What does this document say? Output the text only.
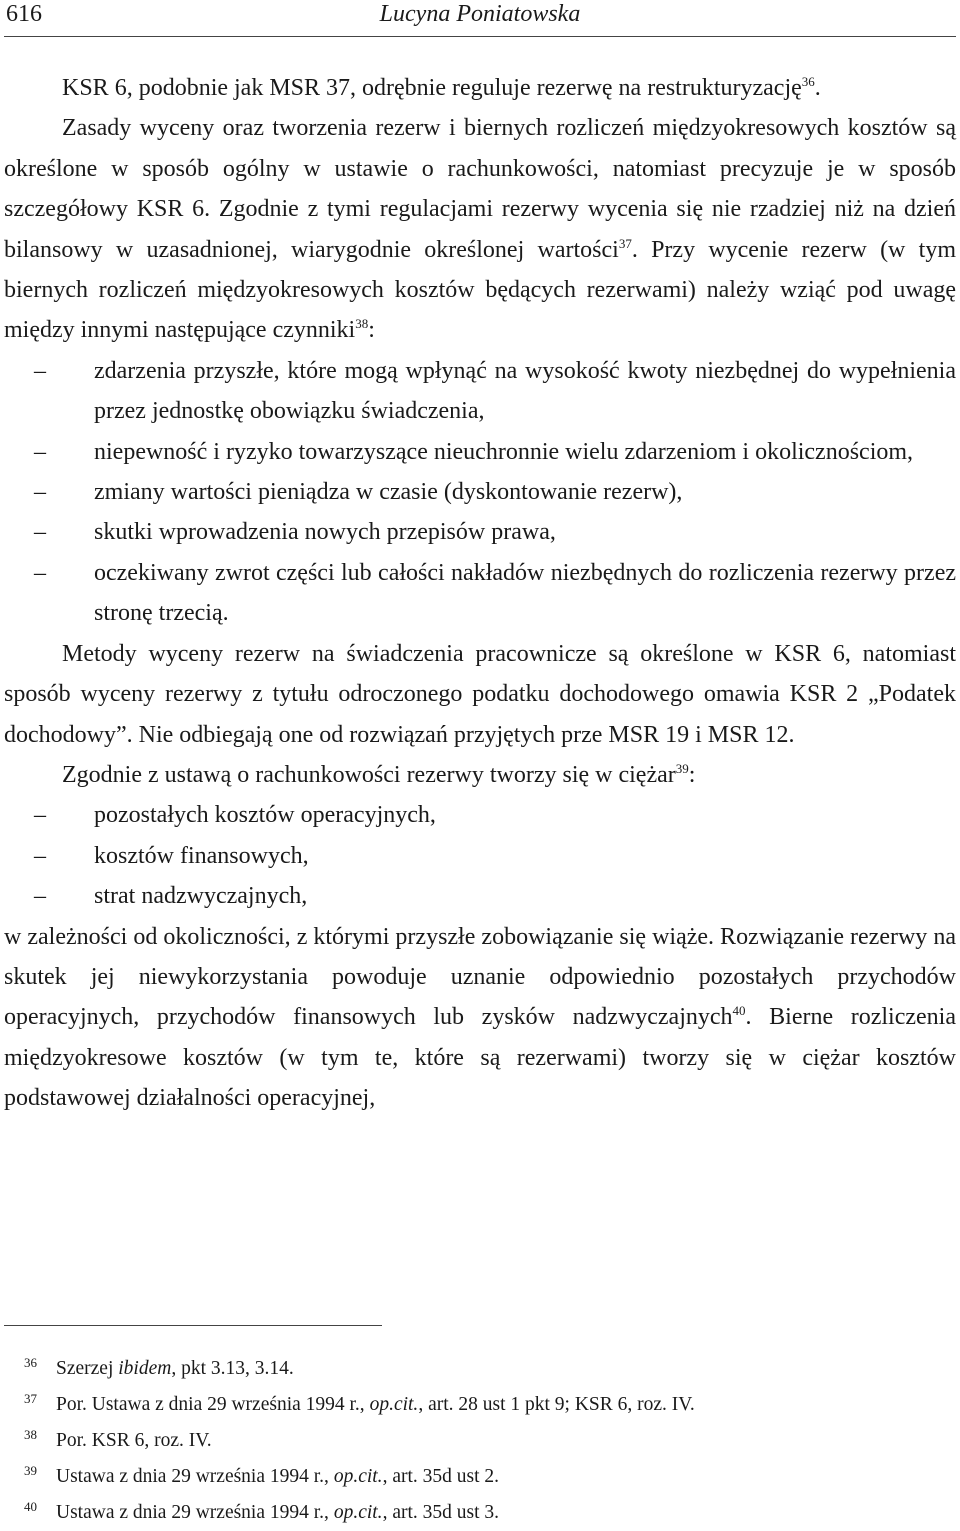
616	Lucyna Poniatowska

KSR 6, podobnie jak MSR 37, odrębnie reguluje rezerwę na restrukturyzację$^{36}$.

Zasady wyceny oraz tworzenia rezerw i biernych rozliczeń międzyokresowych kosztów są określone w sposób ogólny w ustawie o rachunkowości, natomiast precyzuje je w sposób szczegółowy KSR 6. Zgodnie z tymi regulacjami rezerwy wycenia się nie rzadziej niż na dzień bilansowy w uzasadnionej, wiarygodnie określonej wartości$^{37}$. Przy wycenie rezerw (w tym biernych rozliczeń międzyokresowych kosztów będących rezerwami) należy wziąć pod uwagę między innymi następujące czynniki$^{38}$:

– zdarzenia przyszłe, które mogą wpłynąć na wysokość kwoty niezbędnej do wypełnienia przez jednostkę obowiązku świadczenia,
– niepewność i ryzyko towarzyszące nieuchronnie wielu zdarzeniom i okolicznościom,
– zmiany wartości pieniądza w czasie (dyskontowanie rezerw),
– skutki wprowadzenia nowych przepisów prawa,
– oczekiwany zwrot części lub całości nakładów niezbędnych do rozliczenia rezerwy przez stronę trzecią.

Metody wyceny rezerw na świadczenia pracownicze są określone w KSR 6, natomiast sposób wyceny rezerwy z tytułu odroczonego podatku dochodowego omawia KSR 2 „Podatek dochodowy”. Nie odbiegają one od rozwiązań przyjętych prze MSR 19 i MSR 12.

Zgodnie z ustawą o rachunkowości rezerwy tworzy się w ciężar$^{39}$:

– pozostałych kosztów operacyjnych,
– kosztów finansowych,
– strat nadzwyczajnych,

w zależności od okoliczności, z którymi przyszłe zobowiązanie się wiąże. Rozwiązanie rezerwy na skutek jej niewykorzystania powoduje uznanie odpowiednio pozostałych przychodów operacyjnych, przychodów finansowych lub zysków nadzwyczajnych$^{40}$. Bierne rozliczenia międzyokresowe kosztów (w tym te, które są rezerwami) tworzy się w ciężar kosztów podstawowej działalności operacyjnej,

36 Szerzej ibidem, pkt 3.13, 3.14.
37 Por. Ustawa z dnia 29 września 1994 r., op.cit., art. 28 ust 1 pkt 9; KSR 6, roz. IV.
38 Por. KSR 6, roz. IV.
39 Ustawa z dnia 29 września 1994 r., op.cit., art. 35d ust 2.
40 Ustawa z dnia 29 września 1994 r., op.cit., art. 35d ust 3.
